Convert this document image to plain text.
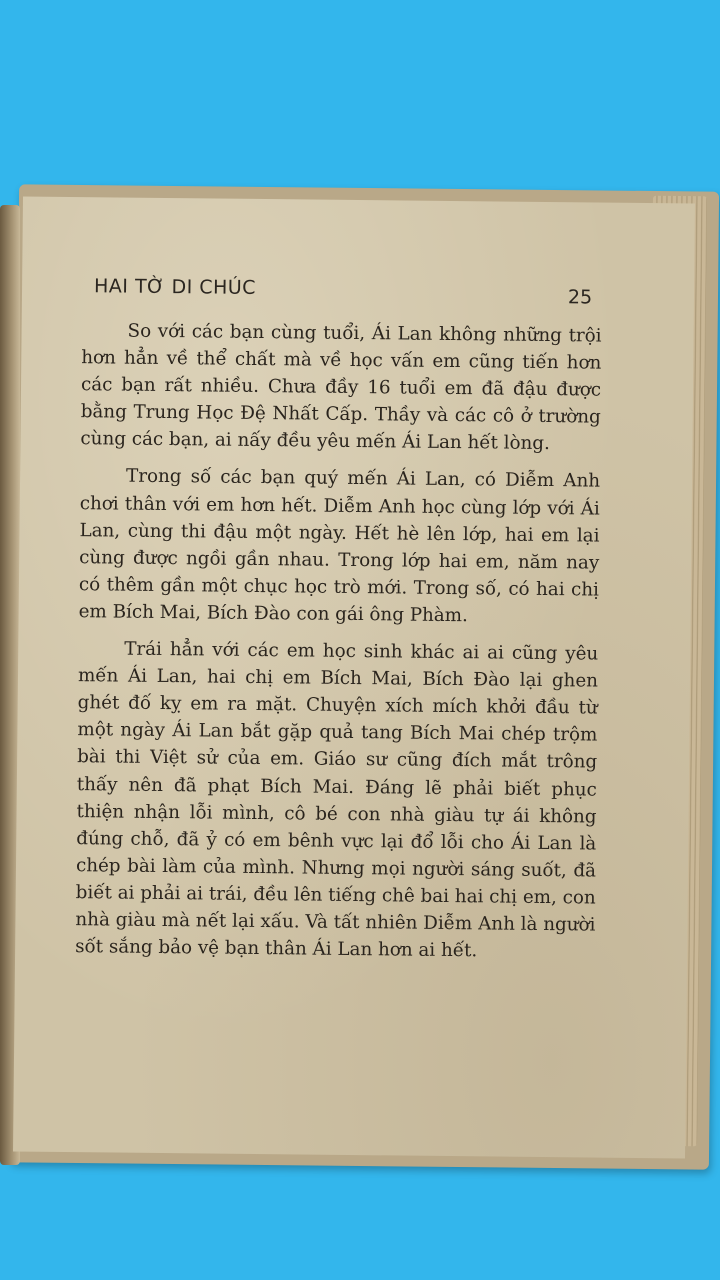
HAI TỜ DI CHÚC	25

So với các bạn cùng tuổi, Ái Lan không những trội hơn hẳn về thể chất mà về học vấn em cũng tiến hơn các bạn rất nhiều. Chưa đầy 16 tuổi em đã đậu được bằng Trung Học Đệ Nhất Cấp. Thầy và các cô ở trường cùng các bạn, ai nấy đều yêu mến Ái Lan hết lòng.

Trong số các bạn quý mến Ái Lan, có Diễm Anh chơi thân với em hơn hết. Diễm Anh học cùng lớp với Ái Lan, cùng thi đậu một ngày. Hết hè lên lớp, hai em lại cùng được ngồi gần nhau. Trong lớp hai em, năm nay có thêm gần một chục học trò mới. Trong số, có hai chị em Bích Mai, Bích Đào con gái ông Phàm.

Trái hẳn với các em học sinh khác ai ai cũng yêu mến Ái Lan, hai chị em Bích Mai, Bích Đào lại ghen ghét đố kỵ em ra mặt. Chuyện xích mích khởi đầu từ một ngày Ái Lan bắt gặp quả tang Bích Mai chép trộm bài thi Việt sử của em. Giáo sư cũng đích mắt trông thấy nên đã phạt Bích Mai. Đáng lẽ phải biết phục thiện nhận lỗi mình, cô bé con nhà giàu tự ái không đúng chỗ, đã ỷ có em bênh vực lại đổ lỗi cho Ái Lan là chép bài làm của mình. Nhưng mọi người sáng suốt, đã biết ai phải ai trái, đều lên tiếng chê bai hai chị em, con nhà giàu mà nết lại xấu. Và tất nhiên Diễm Anh là người sốt sắng bảo vệ bạn thân Ái Lan hơn ai hết.
